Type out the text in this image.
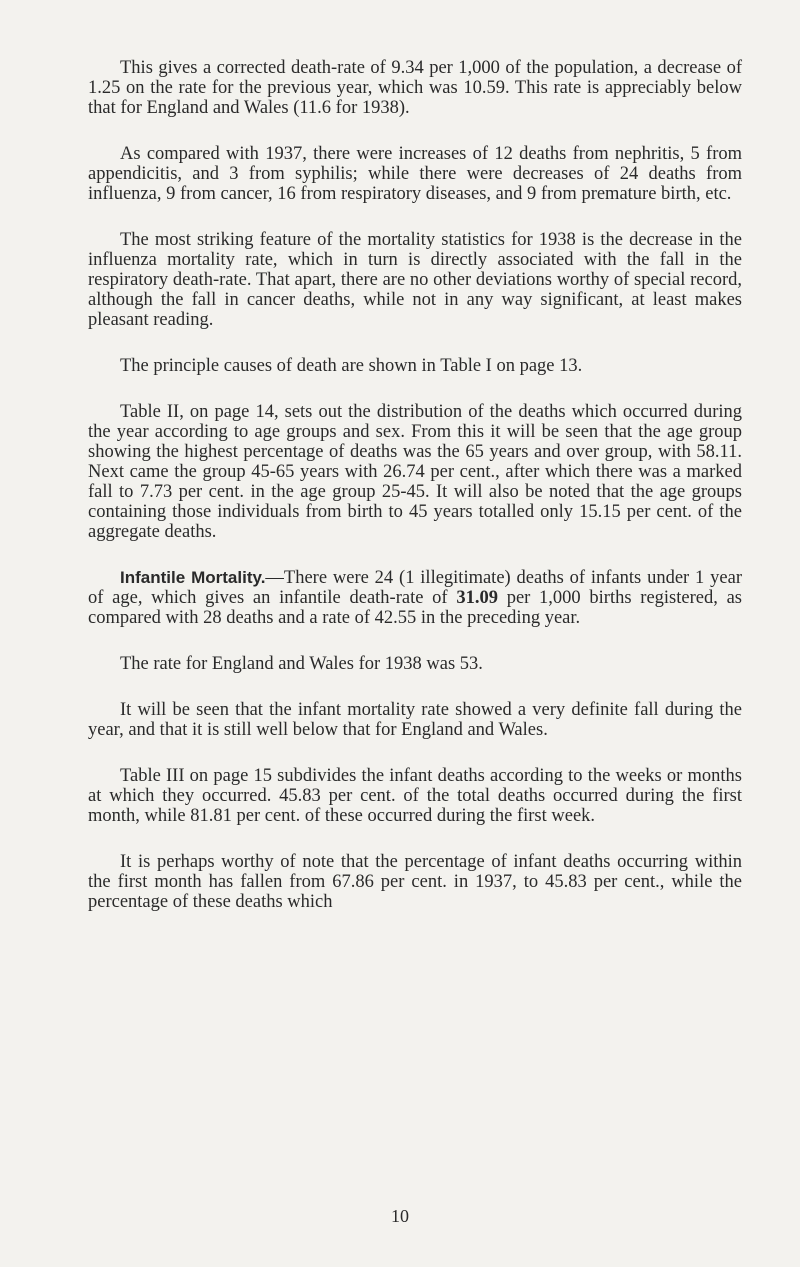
This gives a corrected death-rate of 9.34 per 1,000 of the population, a decrease of 1.25 on the rate for the previous year, which was 10.59. This rate is appreciably below that for England and Wales (11.6 for 1938).

As compared with 1937, there were increases of 12 deaths from nephritis, 5 from appendicitis, and 3 from syphilis; while there were decreases of 24 deaths from influenza, 9 from cancer, 16 from respiratory diseases, and 9 from premature birth, etc.

The most striking feature of the mortality statistics for 1938 is the decrease in the influenza mortality rate, which in turn is directly associated with the fall in the respiratory death-rate. That apart, there are no other deviations worthy of special record, although the fall in cancer deaths, while not in any way significant, at least makes pleasant reading.

The principle causes of death are shown in Table I on page 13.

Table II, on page 14, sets out the distribution of the deaths which occurred during the year according to age groups and sex. From this it will be seen that the age group showing the highest percentage of deaths was the 65 years and over group, with 58.11. Next came the group 45-65 years with 26.74 per cent., after which there was a marked fall to 7.73 per cent. in the age group 25-45. It will also be noted that the age groups containing those individuals from birth to 45 years totalled only 15.15 per cent. of the aggregate deaths.

Infantile Mortality.—There were 24 (1 illegitimate) deaths of infants under 1 year of age, which gives an infantile death-rate of 31.09 per 1,000 births registered, as compared with 28 deaths and a rate of 42.55 in the preceding year.

The rate for England and Wales for 1938 was 53.

It will be seen that the infant mortality rate showed a very definite fall during the year, and that it is still well below that for England and Wales.

Table III on page 15 subdivides the infant deaths according to the weeks or months at which they occurred. 45.83 per cent. of the total deaths occurred during the first month, while 81.81 per cent. of these occurred during the first week.

It is perhaps worthy of note that the percentage of infant deaths occurring within the first month has fallen from 67.86 per cent. in 1937, to 45.83 per cent., while the percentage of these deaths which

10
